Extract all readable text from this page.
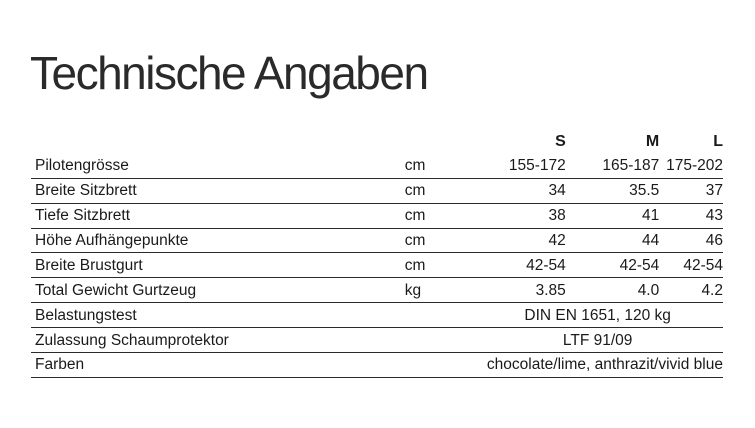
Technische Angaben
		S	M	L
Pilotengrösse	cm	155-172	165-187	175-202
Breite Sitzbrett	cm	34	35.5	37
Tiefe Sitzbrett	cm	38	41	43
Höhe Aufhängepunkte	cm	42	44	46
Breite Brustgurt	cm	42-54	42-54	42-54
Total Gewicht Gurtzeug	kg	3.85	4.0	4.2
Belastungstest		DIN EN 1651, 120 kg		
Zulassung Schaumprotektor		LTF 91/09		
Farben		chocolate/lime, anthrazit/vivid blue		
